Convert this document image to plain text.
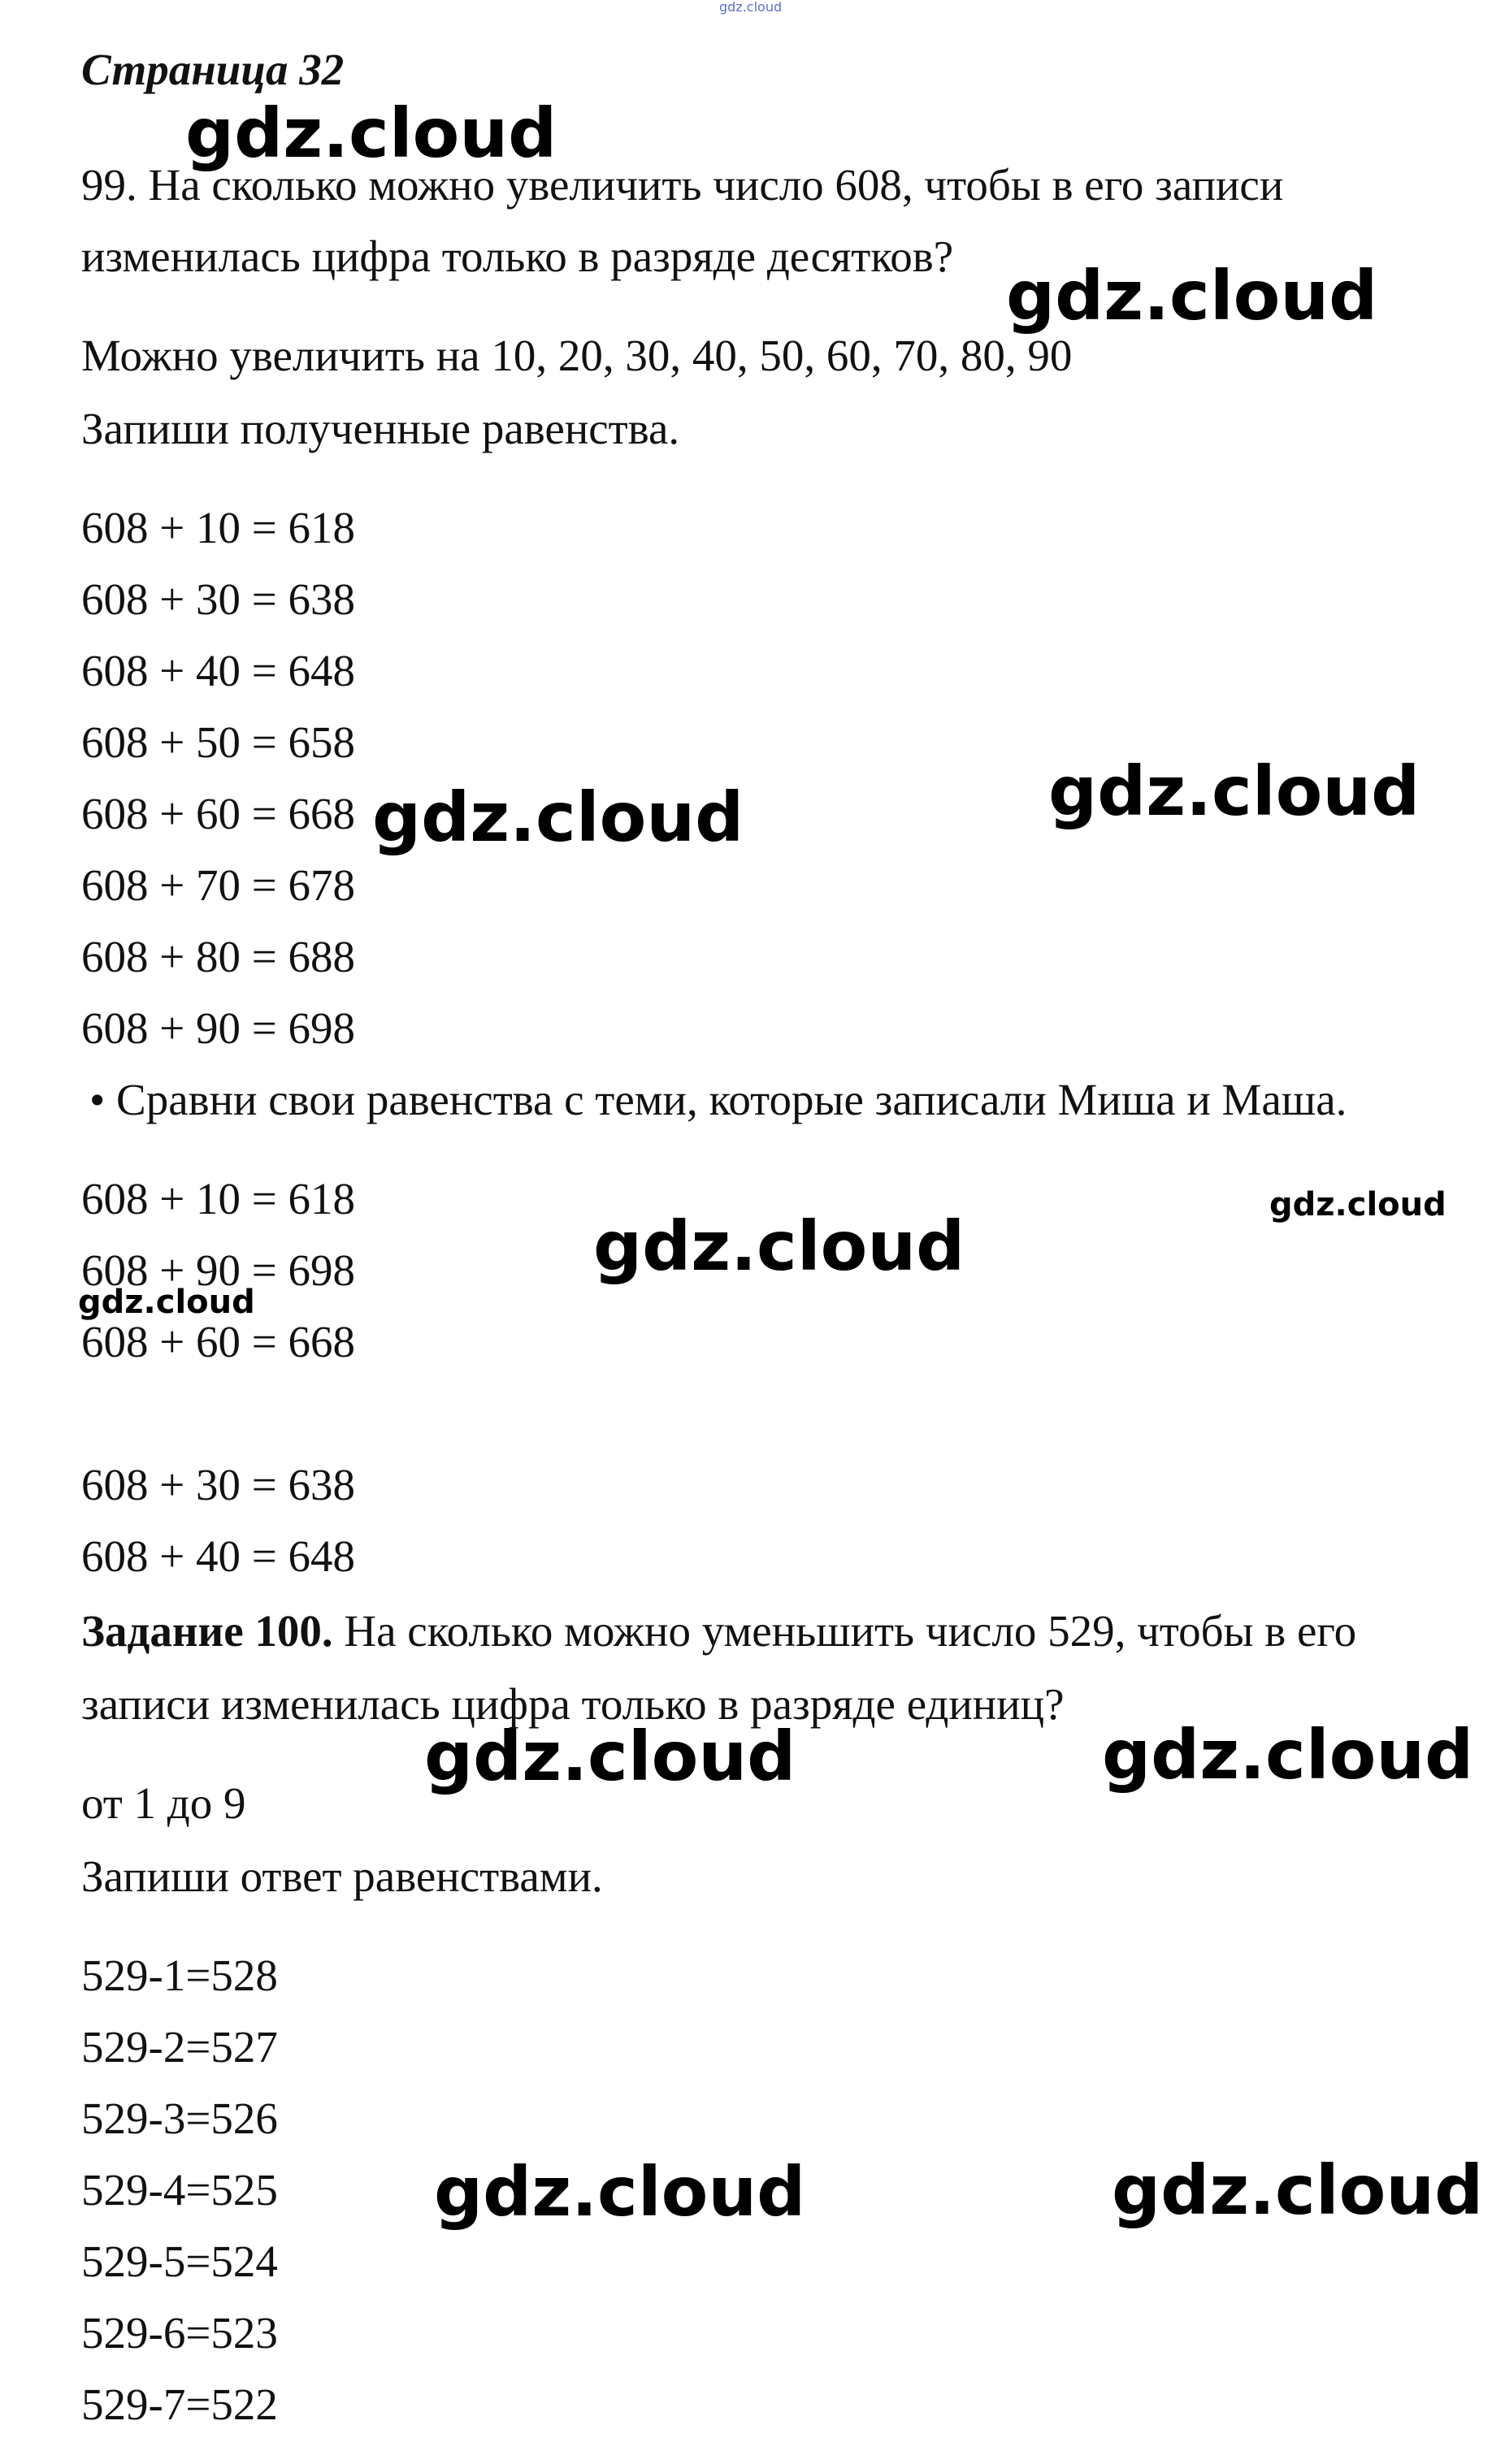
gdz.cloud
Страница 32
99. На сколько можно увеличить число 608, чтобы в его записи
изменилась цифра только в разряде десятков?
Можно увеличить на 10, 20, 30, 40, 50, 60, 70, 80, 90
Запиши полученные равенства.
608 + 10 = 618
608 + 30 = 638
608 + 40 = 648
608 + 50 = 658
608 + 60 = 668
608 + 70 = 678
608 + 80 = 688
608 + 90 = 698
• Сравни свои равенства с теми, которые записали Миша и Маша.
608 + 10 = 618
608 + 90 = 698
608 + 60 = 668
608 + 30 = 638
608 + 40 = 648
Задание 100. На сколько можно уменьшить число 529, чтобы в его
записи изменилась цифра только в разряде единиц?
от 1 до 9
Запиши ответ равенствами.
529-1=528
529-2=527
529-3=526
529-4=525
529-5=524
529-6=523
529-7=522
gdz.cloud
gdz.cloud
gdz.cloud
gdz.cloud
gdz.cloud
gdz.cloud
gdz.cloud
gdz.cloud	gdz.cloud
gdz.cloud	gdz.cloud
